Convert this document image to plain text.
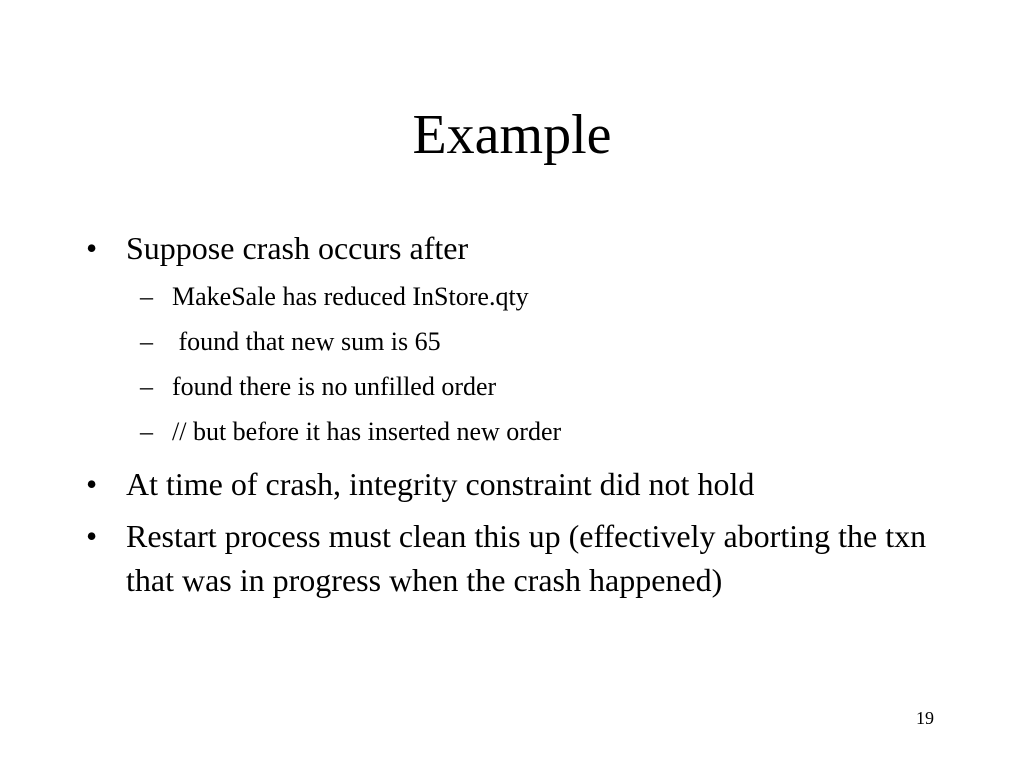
Example
• Suppose crash occurs after
– MakeSale has reduced InStore.qty
– found that new sum is 65
– found there is no unfilled order
– // but before it has inserted new order
• At time of crash, integrity constraint did not hold
• Restart process must clean this up (effectively aborting the txn that was in progress when the crash happened)
19
